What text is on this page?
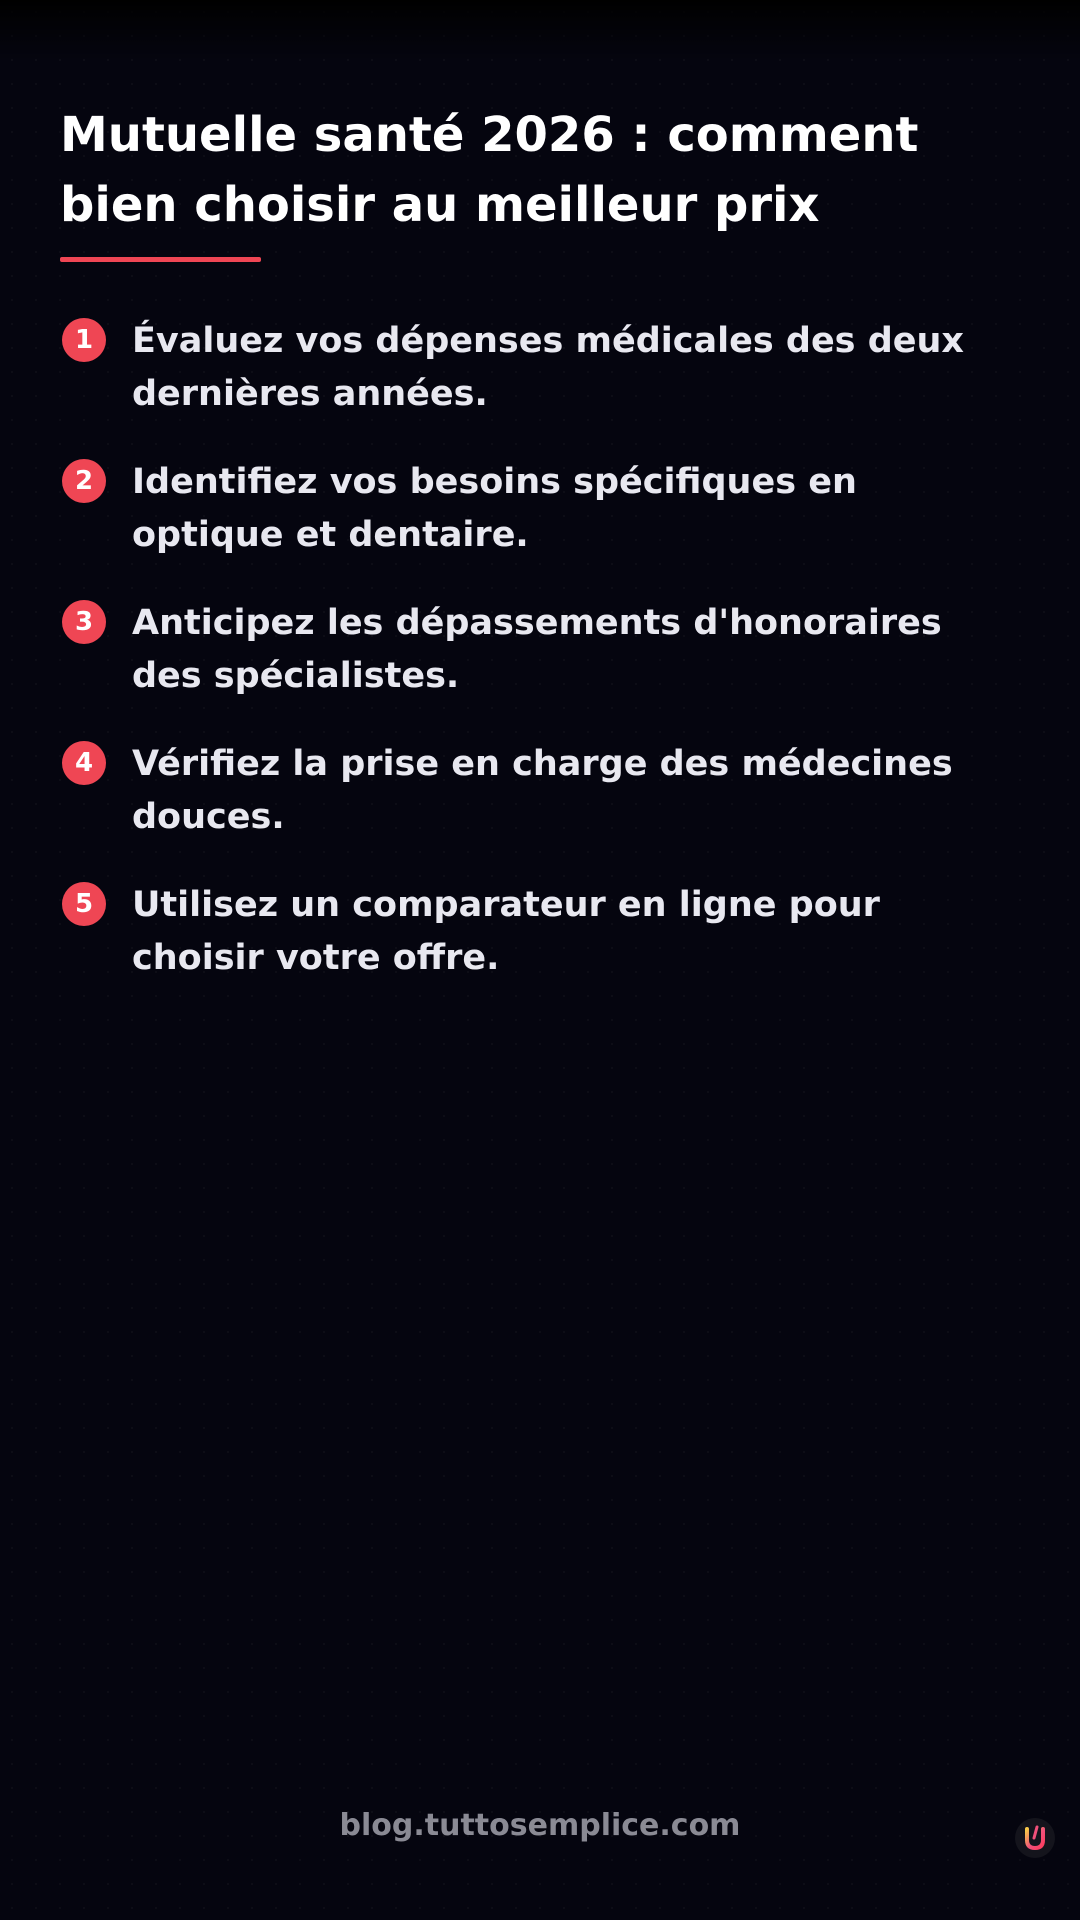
Mutuelle santé 2026 : comment
bien choisir au meilleur prix
1	Évaluez vos dépenses médicales des deux
dernières années.
2	Identifiez vos besoins spécifiques en
optique et dentaire.
3	Anticipez les dépassements d'honoraires
des spécialistes.
4	Vérifiez la prise en charge des médecines
douces.
5	Utilisez un comparateur en ligne pour
choisir votre offre.
blog.tuttosemplice.com
